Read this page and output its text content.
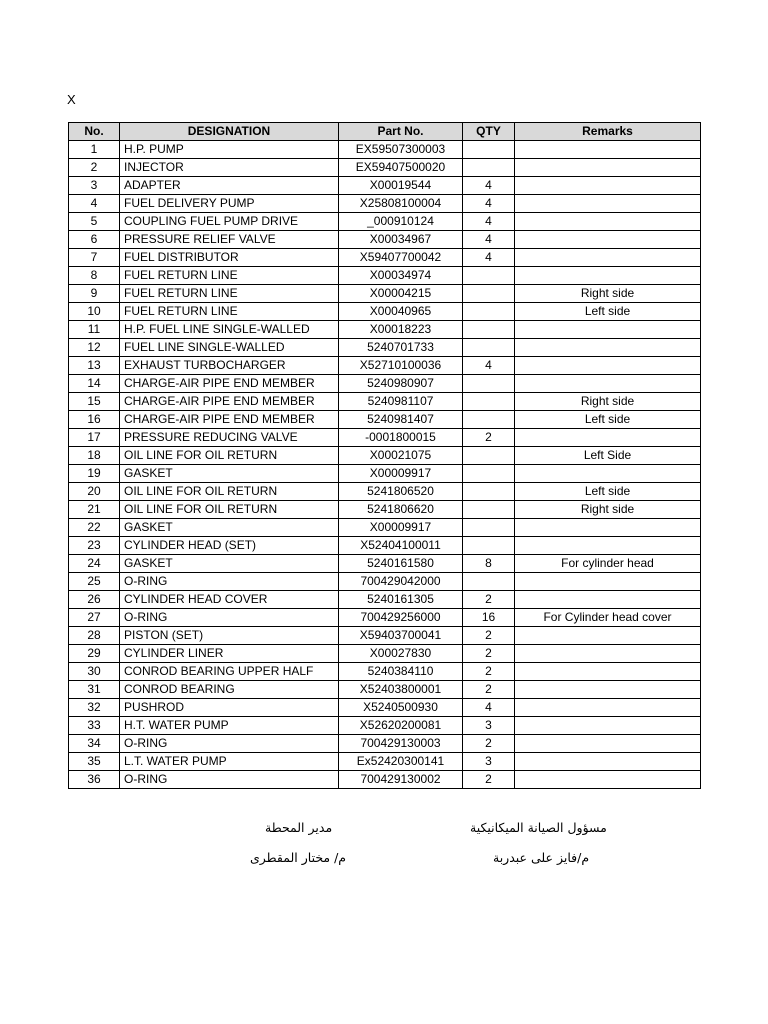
X
No.	DESIGNATION	Part No.	QTY	Remarks
1	H.P. PUMP	EX59507300003		
2	INJECTOR	EX59407500020		
3	ADAPTER	X00019544	4	
4	FUEL DELIVERY PUMP	X25808100004	4	
5	COUPLING FUEL PUMP DRIVE	_000910124	4	
6	PRESSURE RELIEF VALVE	X00034967	4	
7	FUEL DISTRIBUTOR	X59407700042	4	
8	FUEL RETURN LINE	X00034974		
9	FUEL RETURN LINE	X00004215		Right side
10	FUEL RETURN LINE	X00040965		Left side
11	H.P. FUEL LINE SINGLE-WALLED	X00018223		
12	FUEL LINE SINGLE-WALLED	5240701733		
13	EXHAUST TURBOCHARGER	X52710100036	4	
14	CHARGE-AIR PIPE END MEMBER	5240980907		
15	CHARGE-AIR PIPE END MEMBER	5240981107		Right side
16	CHARGE-AIR PIPE END MEMBER	5240981407		Left side
17	PRESSURE REDUCING VALVE	-0001800015	2	
18	OIL LINE FOR OIL RETURN	X00021075		Left Side
19	GASKET	X00009917		
20	OIL LINE FOR OIL RETURN	5241806520		Left side
21	OIL LINE FOR OIL RETURN	5241806620		Right side
22	GASKET	X00009917		
23	CYLINDER HEAD (SET)	X52404100011		
24	GASKET	5240161580	8	For cylinder head
25	O-RING	700429042000		
26	CYLINDER HEAD COVER	5240161305	2	
27	O-RING	700429256000	16	For Cylinder head cover
28	PISTON (SET)	X59403700041	2	
29	CYLINDER LINER	X00027830	2	
30	CONROD BEARING UPPER HALF	5240384110	2	
31	CONROD BEARING	X52403800001	2	
32	PUSHROD	X5240500930	4	
33	H.T. WATER PUMP	X52620200081	3	
34	O-RING	700429130003	2	
35	L.T. WATER PUMP	Ex52420300141	3	
36	O-RING	700429130002	2	
مدير المحطة
م/ مختار المقطرى
مسؤول الصيانة الميكانيكية
م/فايز على عبدربة
